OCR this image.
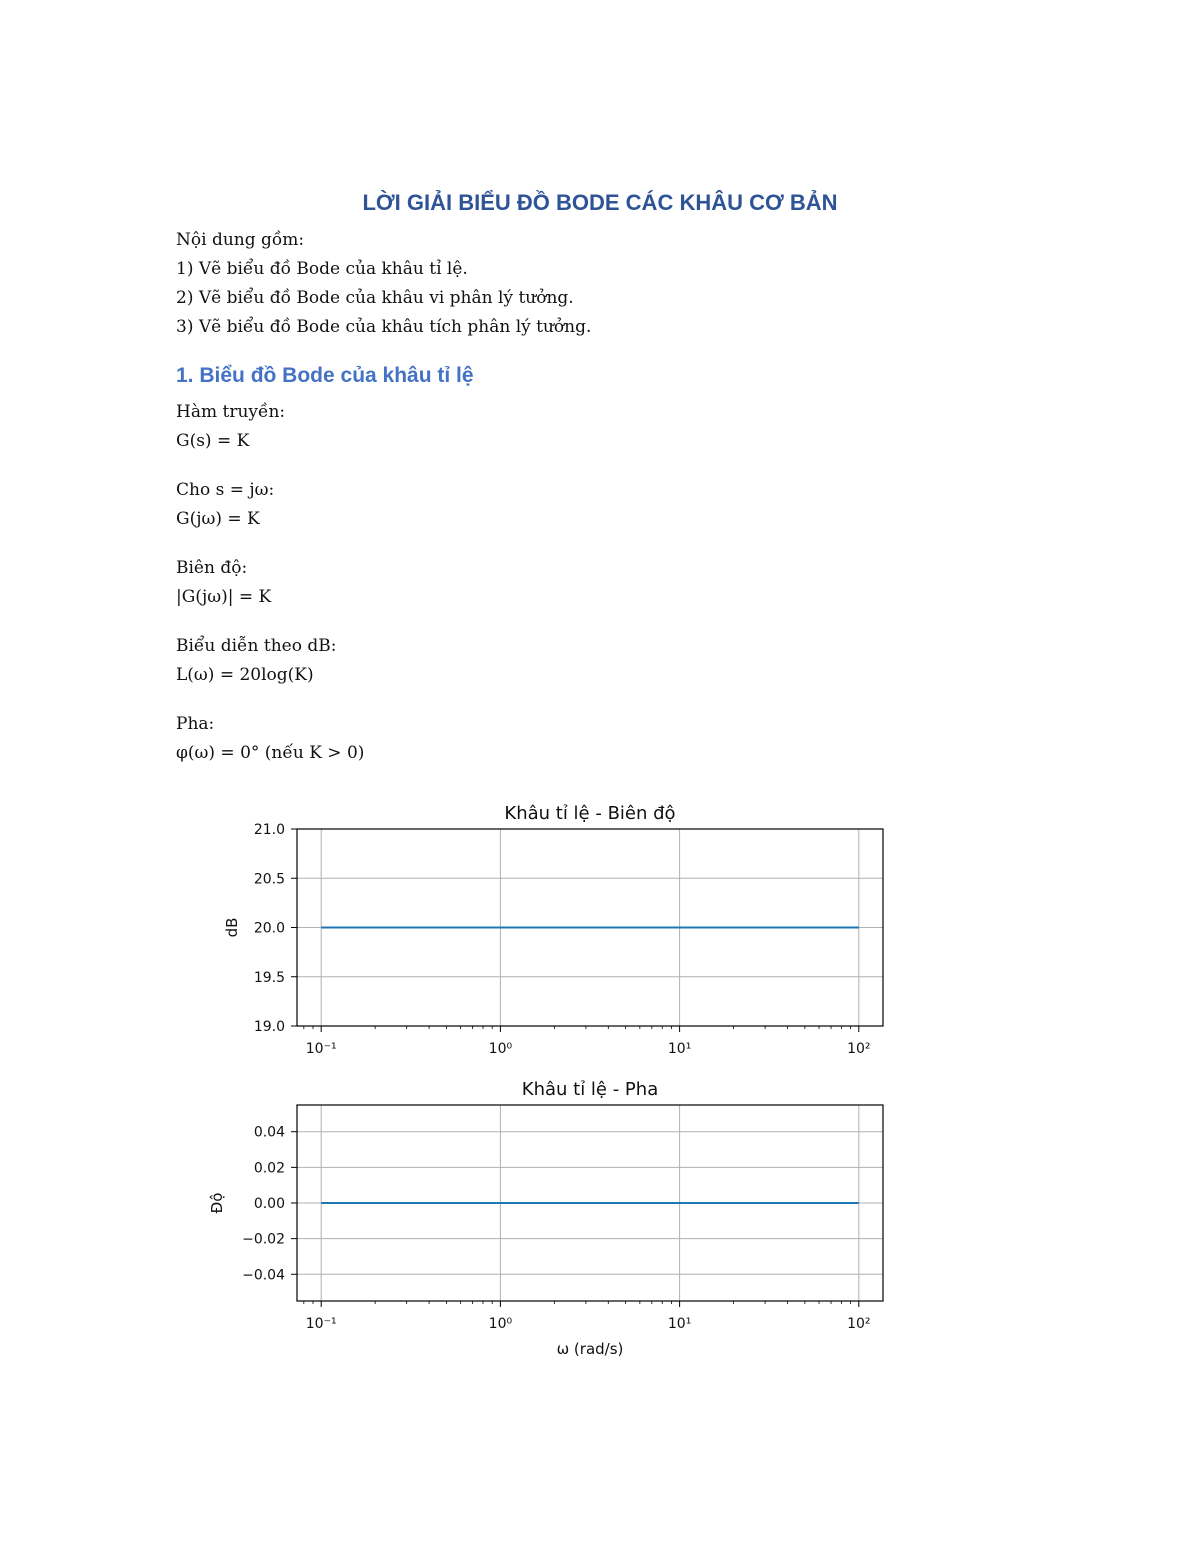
LỜI GIẢI BIỂU ĐỒ BODE CÁC KHÂU CƠ BẢN

Nội dung gồm:

1) Vẽ biểu đồ Bode của khâu tỉ lệ.

2) Vẽ biểu đồ Bode của khâu vi phân lý tưởng.

3) Vẽ biểu đồ Bode của khâu tích phân lý tưởng.

1. Biểu đồ Bode của khâu tỉ lệ

Hàm truyền:

G(s) = K

Cho s = jω:

G(jω) = K

Biên độ:

|G(jω)| = K

Biểu diễn theo dB:

L(ω) = 20log(K)

Pha:

φ(ω) = 0° (nếu K > 0)

10⁻¹	10⁰	10¹	10²
19.0
19.5
20.0
20.5
21.0
Khâu tỉ lệ - Biên độ
dB
10⁻¹	10⁰	10¹	10²
−0.04
−0.02
0.00
0.02
0.04
Khâu tỉ lệ - Pha
Độ
ω (rad/s)
